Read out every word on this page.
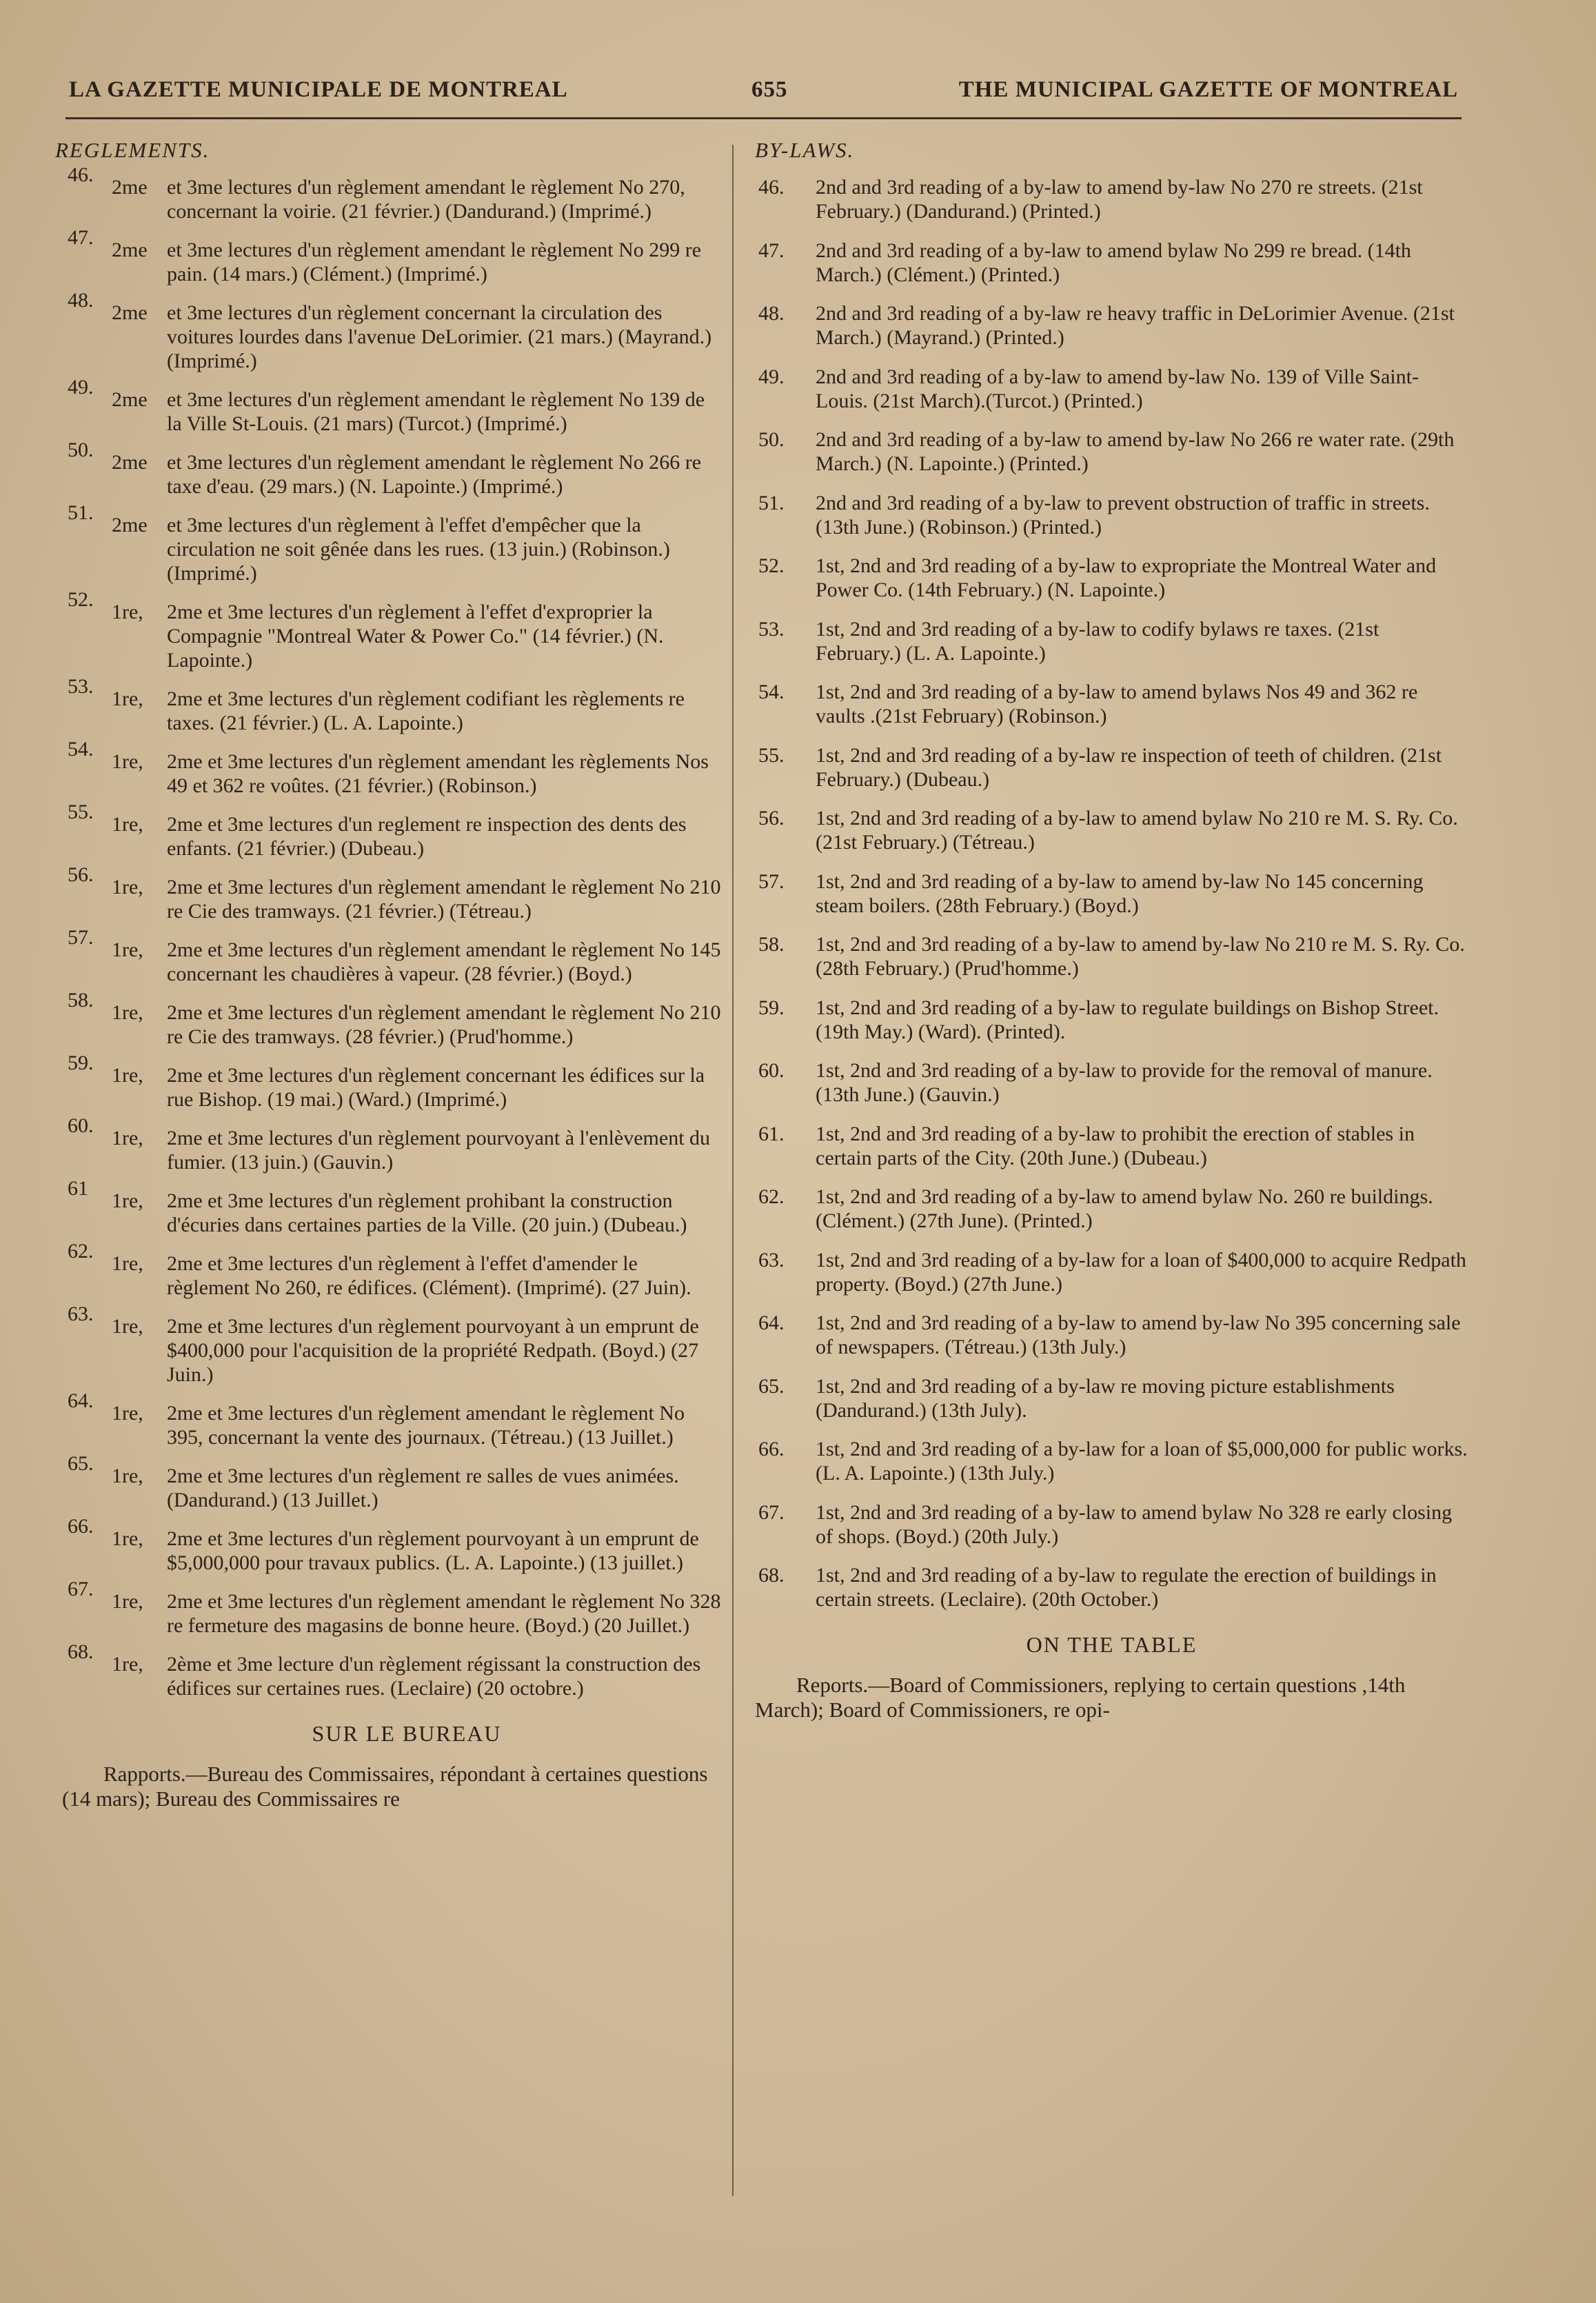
LA GAZETTE MUNICIPALE DE MONTREAL	655	THE MUNICIPAL GAZETTE OF MONTREAL
REGLEMENTS.
46.
2me et 3me lectures d'un règlement amendant le règlement No 270, concernant la voirie. (21 février.) (Dandurand.) (Imprimé.)
47.
2me et 3me lectures d'un règlement amendant le règlement No 299 re pain. (14 mars.) (Clément.) (Imprimé.)
48.
2me et 3me lectures d'un règlement concernant la circulation des voitures lourdes dans l'avenue DeLorimier. (21 mars.) (Mayrand.) (Imprimé.)
49.
2me et 3me lectures d'un règlement amendant le règlement No 139 de la Ville St-Louis. (21 mars) (Turcot.) (Imprimé.)
50.
2me et 3me lectures d'un règlement amendant le règlement No 266 re taxe d'eau. (29 mars.) (N. Lapointe.) (Imprimé.)
51.
2me et 3me lectures d'un règlement à l'effet d'empêcher que la circulation ne soit gênée dans les rues. (13 juin.) (Robinson.) (Imprimé.)
52.
1re, 2me et 3me lectures d'un règlement à l'effet d'exproprier la Compagnie "Montreal Water & Power Co." (14 février.) (N. Lapointe.)
53.
1re, 2me et 3me lectures d'un règlement codifiant les règlements re taxes. (21 février.) (L. A. Lapointe.)
54.
1re, 2me et 3me lectures d'un règlement amendant les règlements Nos 49 et 362 re voûtes. (21 février.) (Robinson.)
55.
1re, 2me et 3me lectures d'un reglement re inspection des dents des enfants. (21 février.) (Dubeau.)
56.
1re, 2me et 3me lectures d'un règlement amendant le règlement No 210 re Cie des tramways. (21 février.) (Tétreau.)
57.
1re, 2me et 3me lectures d'un règlement amendant le règlement No 145 concernant les chaudières à vapeur. (28 février.) (Boyd.)
58.
1re, 2me et 3me lectures d'un règlement amendant le règlement No 210 re Cie des tramways. (28 février.) (Prud'homme.)
59.
1re, 2me et 3me lectures d'un règlement concernant les édifices sur la rue Bishop. (19 mai.) (Ward.) (Imprimé.)
60.
1re, 2me et 3me lectures d'un règlement pourvoyant à l'enlèvement du fumier. (13 juin.) (Gauvin.)
61
1re, 2me et 3me lectures d'un règlement prohibant la construction d'écuries dans certaines parties de la Ville. (20 juin.) (Dubeau.)
62.
1re, 2me et 3me lectures d'un règlement à l'effet d'amender le règlement No 260, re édifices. (Clément). (Imprimé). (27 Juin).
63.
1re, 2me et 3me lectures d'un règlement pourvoyant à un emprunt de $400,000 pour l'acquisition de la propriété Redpath. (Boyd.) (27 Juin.)
64.
1re, 2me et 3me lectures d'un règlement amendant le règlement No 395, concernant la vente des journaux. (Tétreau.) (13 Juillet.)
65.
1re, 2me et 3me lectures d'un règlement re salles de vues animées. (Dandurand.) (13 Juillet.)
66.
1re, 2me et 3me lectures d'un règlement pourvoyant à un emprunt de $5,000,000 pour travaux publics. (L. A. Lapointe.) (13 juillet.)
67.
1re, 2me et 3me lectures d'un règlement amendant le règlement No 328 re fermeture des magasins de bonne heure. (Boyd.) (20 Juillet.)
68.
1re, 2ème et 3me lecture d'un règlement régissant la construction des édifices sur certaines rues. (Leclaire) (20 octobre.)
SUR LE BUREAU

Rapports.—Bureau des Commissaires, répondant à certaines questions (14 mars); Bureau des Commissaires re

BY-LAWS.
46. 2nd and 3rd reading of a by-law to amend by-law No 270 re streets. (21st February.) (Dandurand.) (Printed.)
47. 2nd and 3rd reading of a by-law to amend bylaw No 299 re bread. (14th March.) (Clément.) (Printed.)
48. 2nd and 3rd reading of a by-law re heavy traffic in DeLorimier Avenue. (21st March.) (Mayrand.) (Printed.)
49. 2nd and 3rd reading of a by-law to amend by-law No. 139 of Ville Saint-Louis. (21st March).(Turcot.) (Printed.)
50. 2nd and 3rd reading of a by-law to amend by-law No 266 re water rate. (29th March.) (N. Lapointe.) (Printed.)
51. 2nd and 3rd reading of a by-law to prevent obstruction of traffic in streets. (13th June.) (Robinson.) (Printed.)
52. 1st, 2nd and 3rd reading of a by-law to expropriate the Montreal Water and Power Co. (14th February.) (N. Lapointe.)
53. 1st, 2nd and 3rd reading of a by-law to codify bylaws re taxes. (21st February.) (L. A. Lapointe.)
54. 1st, 2nd and 3rd reading of a by-law to amend bylaws Nos 49 and 362 re vaults .(21st February) (Robinson.)
55. 1st, 2nd and 3rd reading of a by-law re inspection of teeth of children. (21st February.) (Dubeau.)
56. 1st, 2nd and 3rd reading of a by-law to amend bylaw No 210 re M. S. Ry. Co. (21st February.) (Tétreau.)
57. 1st, 2nd and 3rd reading of a by-law to amend by-law No 145 concerning steam boilers. (28th February.) (Boyd.)
58. 1st, 2nd and 3rd reading of a by-law to amend by-law No 210 re M. S. Ry. Co. (28th February.) (Prud'homme.)
59. 1st, 2nd and 3rd reading of a by-law to regulate buildings on Bishop Street. (19th May.) (Ward). (Printed).
60. 1st, 2nd and 3rd reading of a by-law to provide for the removal of manure. (13th June.) (Gauvin.)
61. 1st, 2nd and 3rd reading of a by-law to prohibit the erection of stables in certain parts of the City. (20th June.) (Dubeau.)
62. 1st, 2nd and 3rd reading of a by-law to amend bylaw No. 260 re buildings. (Clément.) (27th June). (Printed.)
63. 1st, 2nd and 3rd reading of a by-law for a loan of $400,000 to acquire Redpath property. (Boyd.) (27th June.)
64. 1st, 2nd and 3rd reading of a by-law to amend by-law No 395 concerning sale of newspapers. (Tétreau.) (13th July.)
65. 1st, 2nd and 3rd reading of a by-law re moving picture establishments (Dandurand.) (13th July).
66. 1st, 2nd and 3rd reading of a by-law for a loan of $5,000,000 for public works. (L. A. Lapointe.) (13th July.)
67. 1st, 2nd and 3rd reading of a by-law to amend bylaw No 328 re early closing of shops. (Boyd.) (20th July.)
68. 1st, 2nd and 3rd reading of a by-law to regulate the erection of buildings in certain streets. (Leclaire). (20th October.)
ON THE TABLE

Reports.—Board of Commissioners, replying to certain questions ,14th March); Board of Commissioners, re opi-
